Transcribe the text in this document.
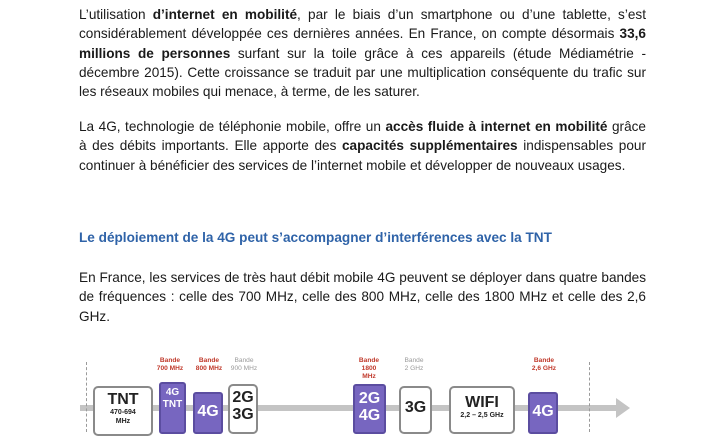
L’utilisation d’internet en mobilité, par le biais d’un smartphone ou d’une tablette, s’est considérablement développée ces dernières années. En France, on compte désormais 33,6 millions de personnes surfant sur la toile grâce à ces appareils (étude Médiamétrie - décembre 2015). Cette croissance se traduit par une multiplication conséquente du trafic sur les réseaux mobiles qui menace, à terme, de les saturer.

La 4G, technologie de téléphonie mobile, offre un accès fluide à internet en mobilité grâce à des débits importants. Elle apporte des capacités supplémentaires indispensables pour continuer à bénéficier des services de l’internet mobile et développer de nouveaux usages.

Le déploiement de la 4G peut s’accompagner d’interférences avec la TNT

En France, les services de très haut débit mobile 4G peuvent se déployer dans quatre bandes de fréquences : celle des 700 MHz, celle des 800 MHz, celle des 1800 MHz et celle des 2,6 GHz.

Bande
700 MHz
Bande
800 MHz
Bande
900 MHz
Bande
1800 MHz
Bande
2 GHz
Bande
2,6 GHz
TNT
470-694
MHz
4G
TNT 4G
2G
3G
2G
4G 3G	WIFI
2,2 – 2,5 GHz	4G
